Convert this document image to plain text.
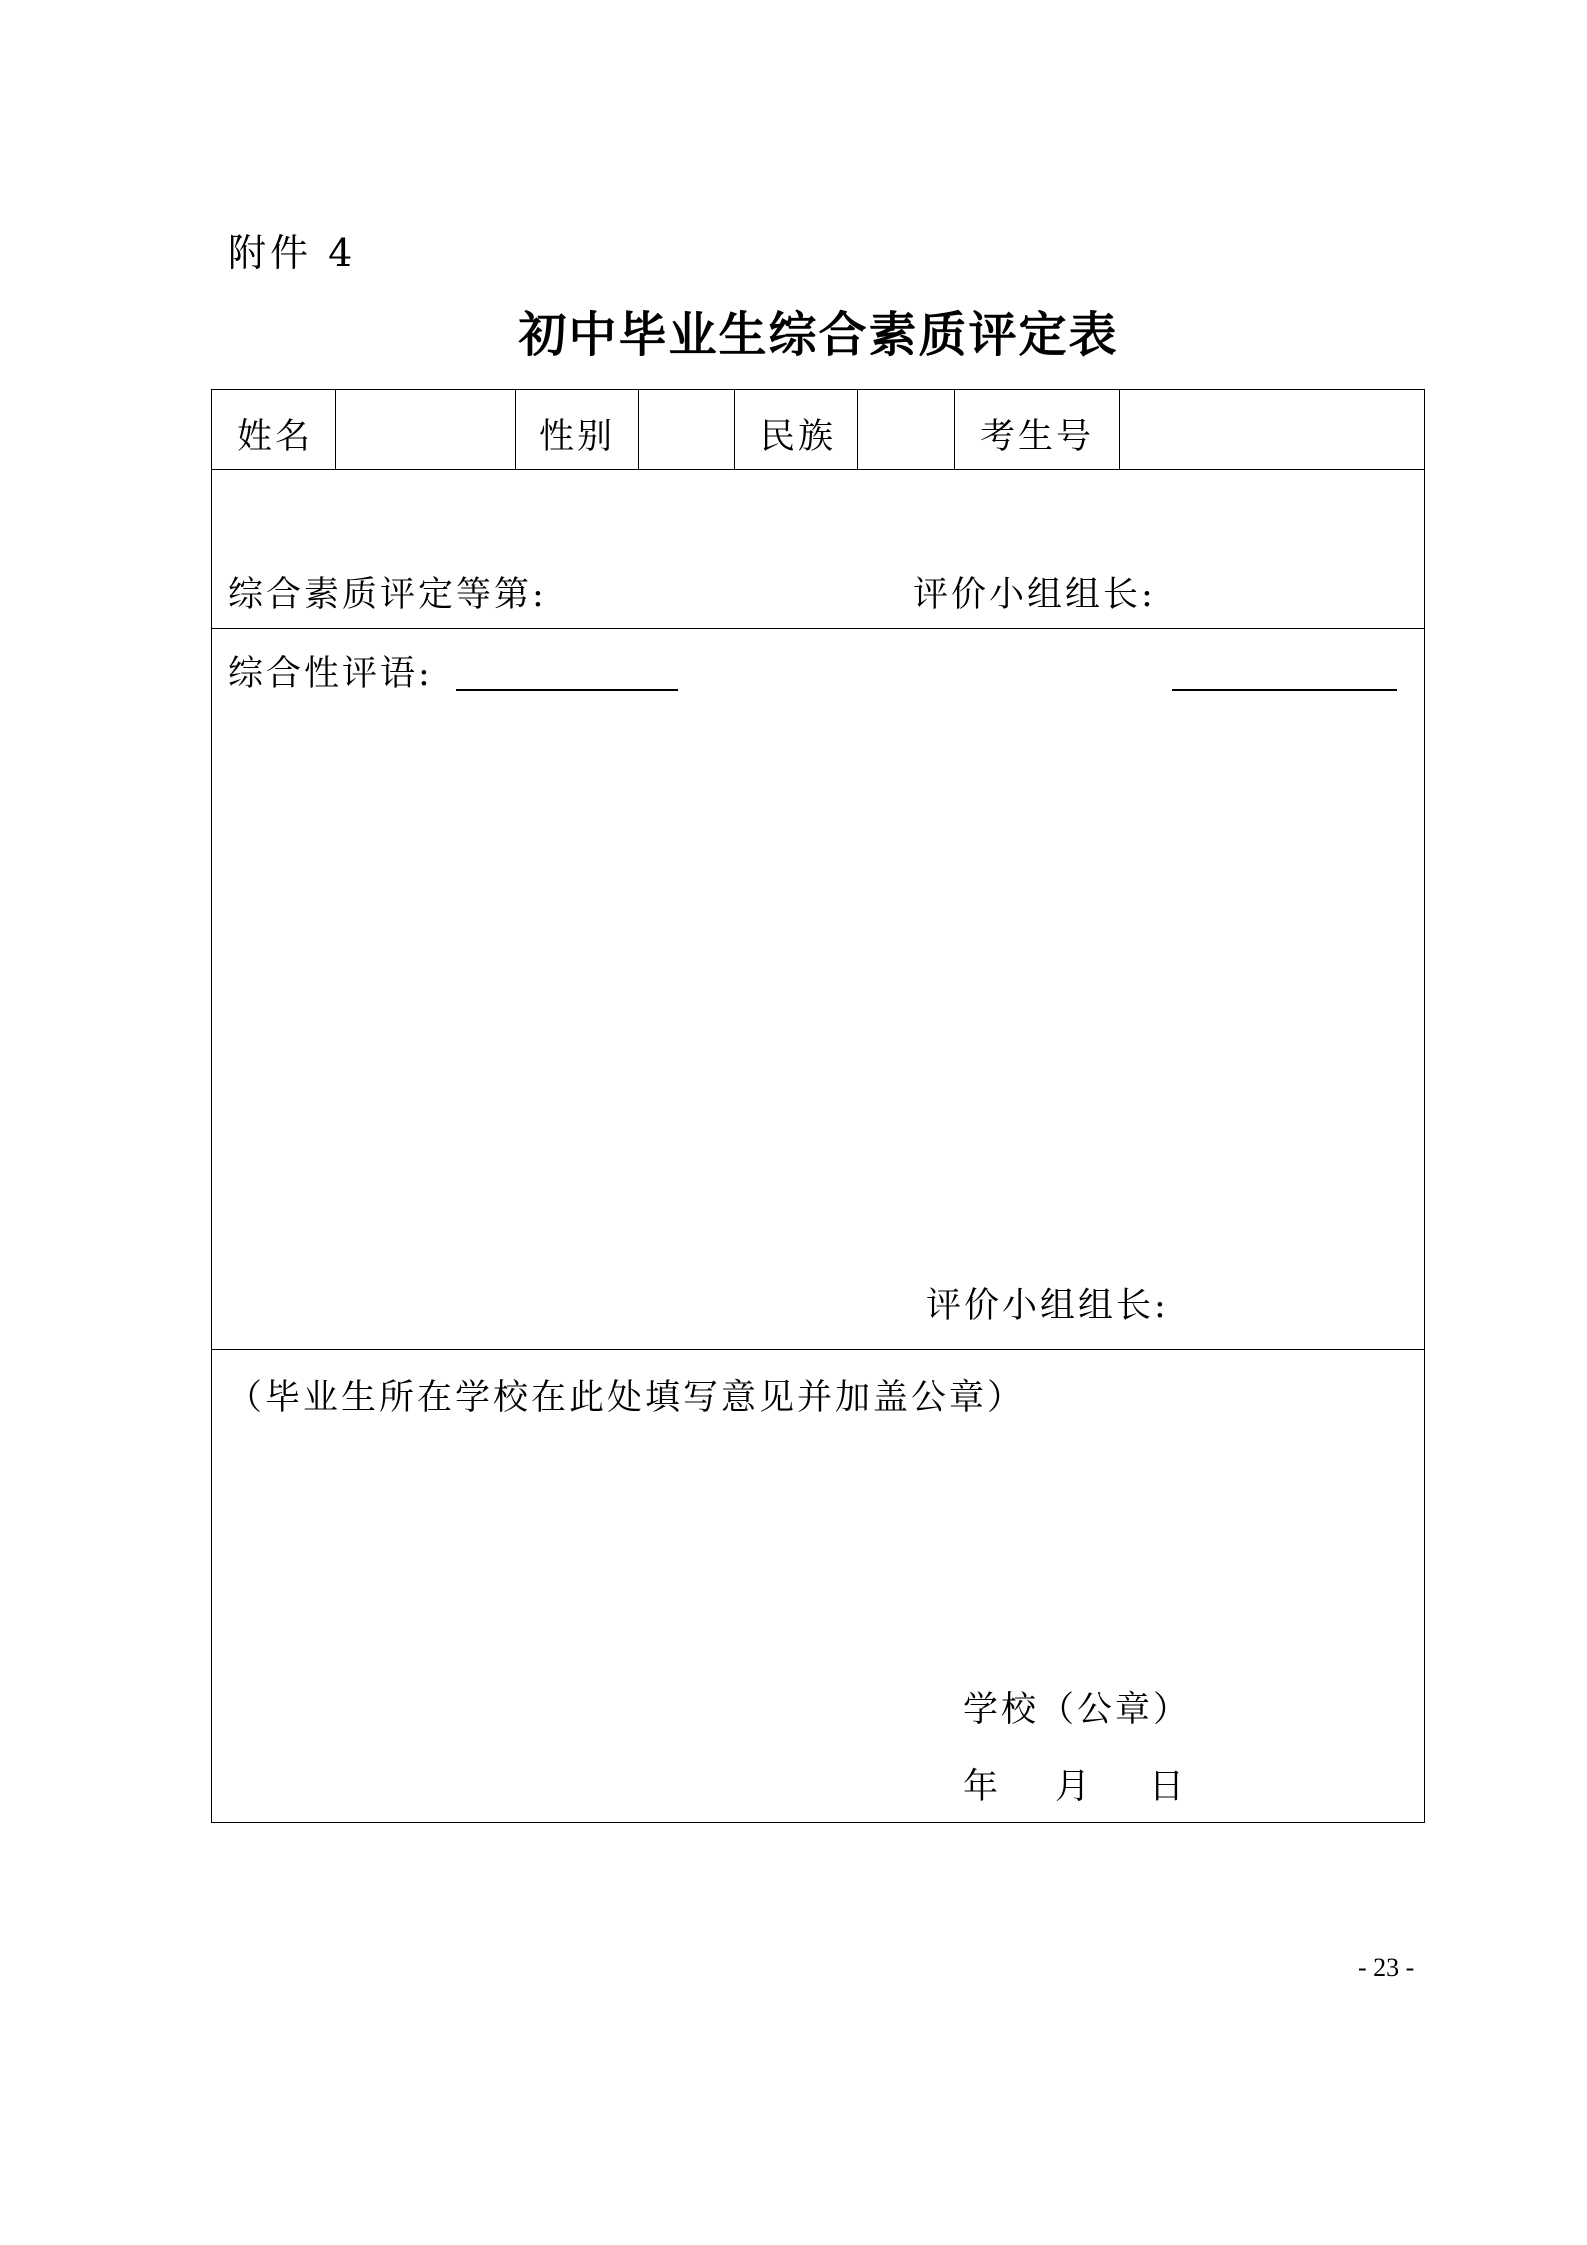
附件 4
初中毕业生综合素质评定表
姓名	性别	民族	考生号
综合素质评定等第:	评价小组组长:
综合性评语:
评价小组组长:
（毕业生所在学校在此处填写意见并加盖公章）
学校（公章）
年 月 日
- 23 -
